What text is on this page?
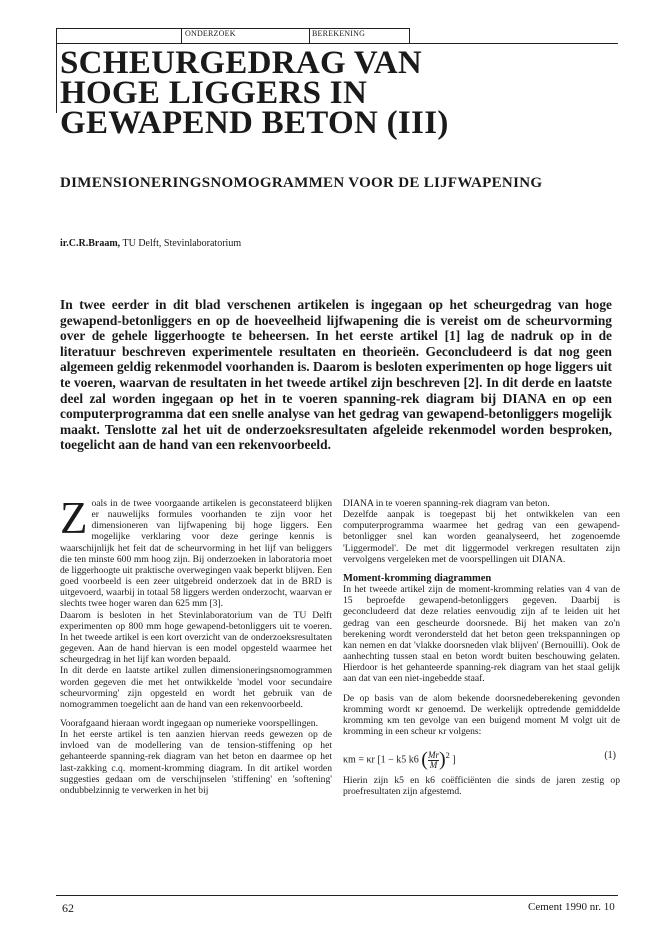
ONDERZOEK	BEREKENING
SCHEURGEDRAG VAN
HOGE LIGGERS IN
GEWAPEND BETON (III)
DIMENSIONERINGSNOMOGRAMMEN VOOR DE LIJFWAPENING
ir.C.R.Braam, TU Delft, Stevinlaboratorium
In twee eerder in dit blad verschenen artikelen is ingegaan op het scheurgedrag van hoge gewapend-betonliggers en op de hoeveelheid lijfwapening die is vereist om de scheurvorming over de gehele liggerhoogte te beheersen. In het eerste artikel [1] lag de nadruk op in de literatuur beschreven experimentele resultaten en theorieën. Geconcludeerd is dat nog geen algemeen geldig rekenmodel voorhanden is. Daarom is besloten experimenten op hoge liggers uit te voeren, waarvan de resultaten in het tweede artikel zijn beschreven [2]. In dit derde en laatste deel zal worden ingegaan op het in te voeren spanning-rek diagram bij DIANA en op een computerprogramma dat een snelle analyse van het gedrag van gewapend-betonliggers mogelijk maakt. Tenslotte zal het uit de onderzoeksresultaten afgeleide rekenmodel worden besproken, toegelicht aan de hand van een rekenvoorbeeld.

Zoals in de twee voorgaande artikelen is geconstateerd blijken er nauwelijks formules voorhanden te zijn voor het dimensioneren van lijfwapening bij hoge liggers. Een mogelijke verklaring voor deze geringe kennis is waarschijnlijk het feit dat de scheurvorming in het lijf van beliggers die ten minste 600 mm hoog zijn. Bij onderzoeken in laboratoria moet de liggerhoogte uit praktische overwegingen vaak beperkt blijven. Een goed voorbeeld is een zeer uitgebreid onderzoek dat in de BRD is uitgevoerd, waarbij in totaal 58 liggers werden onderzocht, waarvan er slechts twee hoger waren dan 625 mm [3].

Daarom is besloten in het Stevinlaboratorium van de TU Delft experimenten op 800 mm hoge gewapend-betonliggers uit te voeren. In het tweede artikel is een kort overzicht van de onderzoeksresultaten gegeven. Aan de hand hiervan is een model opgesteld waarmee het scheurgedrag in het lijf kan worden bepaald.

In dit derde en laatste artikel zullen dimensioneringsnomogrammen worden gegeven die met het ontwikkelde 'model voor secundaire scheurvorming' zijn opgesteld en wordt het gebruik van de nomogrammen toegelicht aan de hand van een rekenvoorbeeld.

Voorafgaand hieraan wordt ingegaan op numerieke voorspellingen.

In het eerste artikel is ten aanzien hiervan reeds gewezen op de invloed van de modellering van de tension-stiffening op het gehanteerde spanning-rek diagram van het beton en daarmee op het last-zakking c.q. moment-kromming diagram. In dit artikel worden suggesties gedaan om de verschijnselen 'stiffening' en 'softening' ondubbelzinnig te verwerken in het bij

DIANA in te voeren spanning-rek diagram van beton.

Dezelfde aanpak is toegepast bij het ontwikkelen van een computerprogramma waarmee het gedrag van een gewapend-betonligger snel kan worden geanalyseerd, het zogenoemde 'Liggermodel'. De met dit liggermodel verkregen resultaten zijn vervolgens vergeleken met de voorspellingen uit DIANA.

Moment-kromming diagrammen

In het tweede artikel zijn de moment-kromming relaties van 4 van de 15 beproefde gewapend-betonliggers gegeven. Daarbij is geconcludeerd dat deze relaties eenvoudig zijn af te leiden uit het gedrag van een gescheurde doorsnede. Bij het maken van zo'n berekening wordt verondersteld dat het beton geen trekspanningen op kan nemen en dat 'vlakke doorsneden vlak blijven' (Bernouilli). Ook de aanhechting tussen staal en beton wordt buiten beschouwing gelaten. Hierdoor is het gehanteerde spanning-rek diagram van het staal gelijk aan dat van een niet-ingebedde staaf.

De op basis van de alom bekende doorsnedeberekening gevonden kromming wordt κr genoemd. De werkelijk optredende gemiddelde kromming κm ten gevolge van een buigend moment M volgt uit de kromming in een scheur κr volgens:

κm = κr [1 − k5 k6 ( $\frac{Mr}{M} )^2$ ]	(1)

Hierin zijn k5 en k6 coëfficiënten die sinds de jaren zestig op proefresultaten zijn afgestemd.

62	Cement 1990 nr. 10
